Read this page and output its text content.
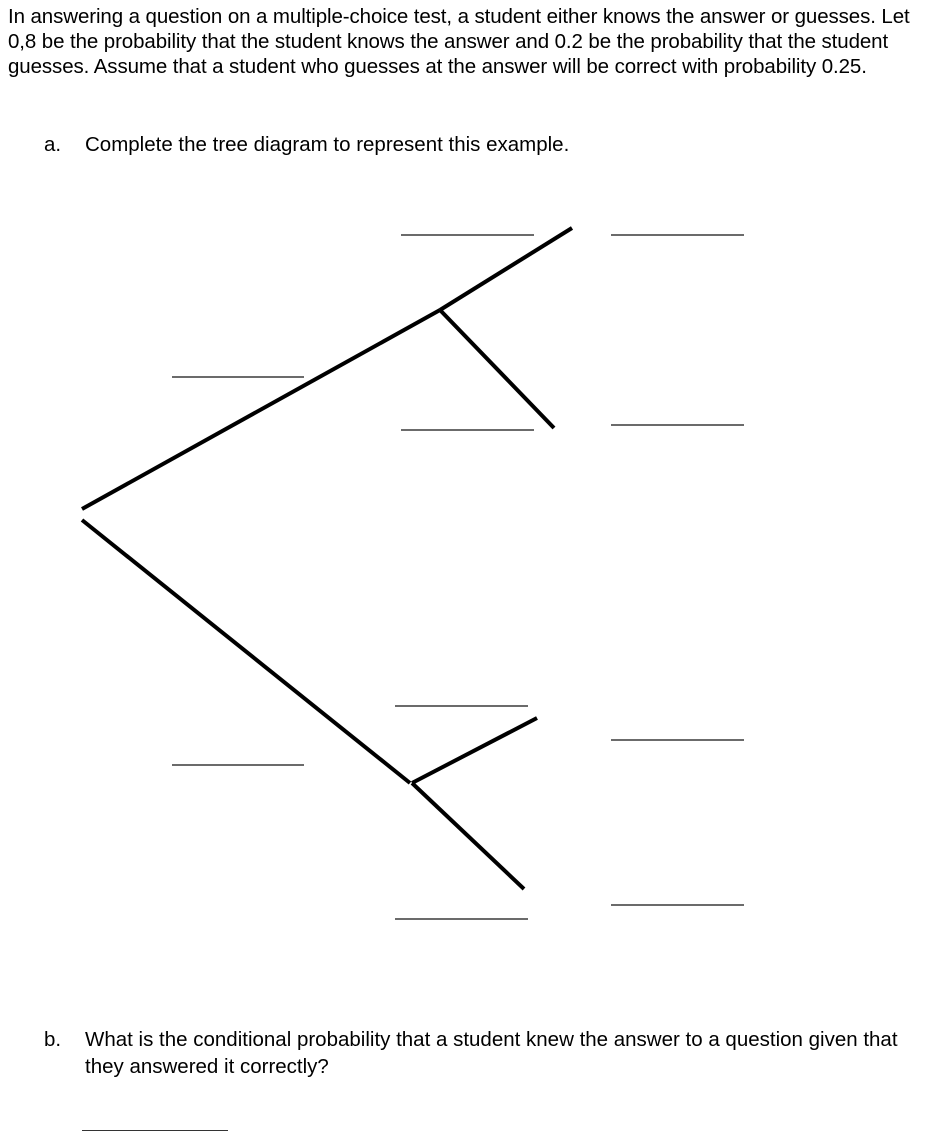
In answering a question on a multiple-choice test, a student either knows the answer or guesses. Let 0,8 be the probability that the student knows the answer and 0.2 be the probability that the student guesses. Assume that a student who guesses at the answer will be correct with probability 0.25.
a. Complete the tree diagram to represent this example.
b.	What is the conditional probability that a student knew the answer to a question given that they answered it correctly?
